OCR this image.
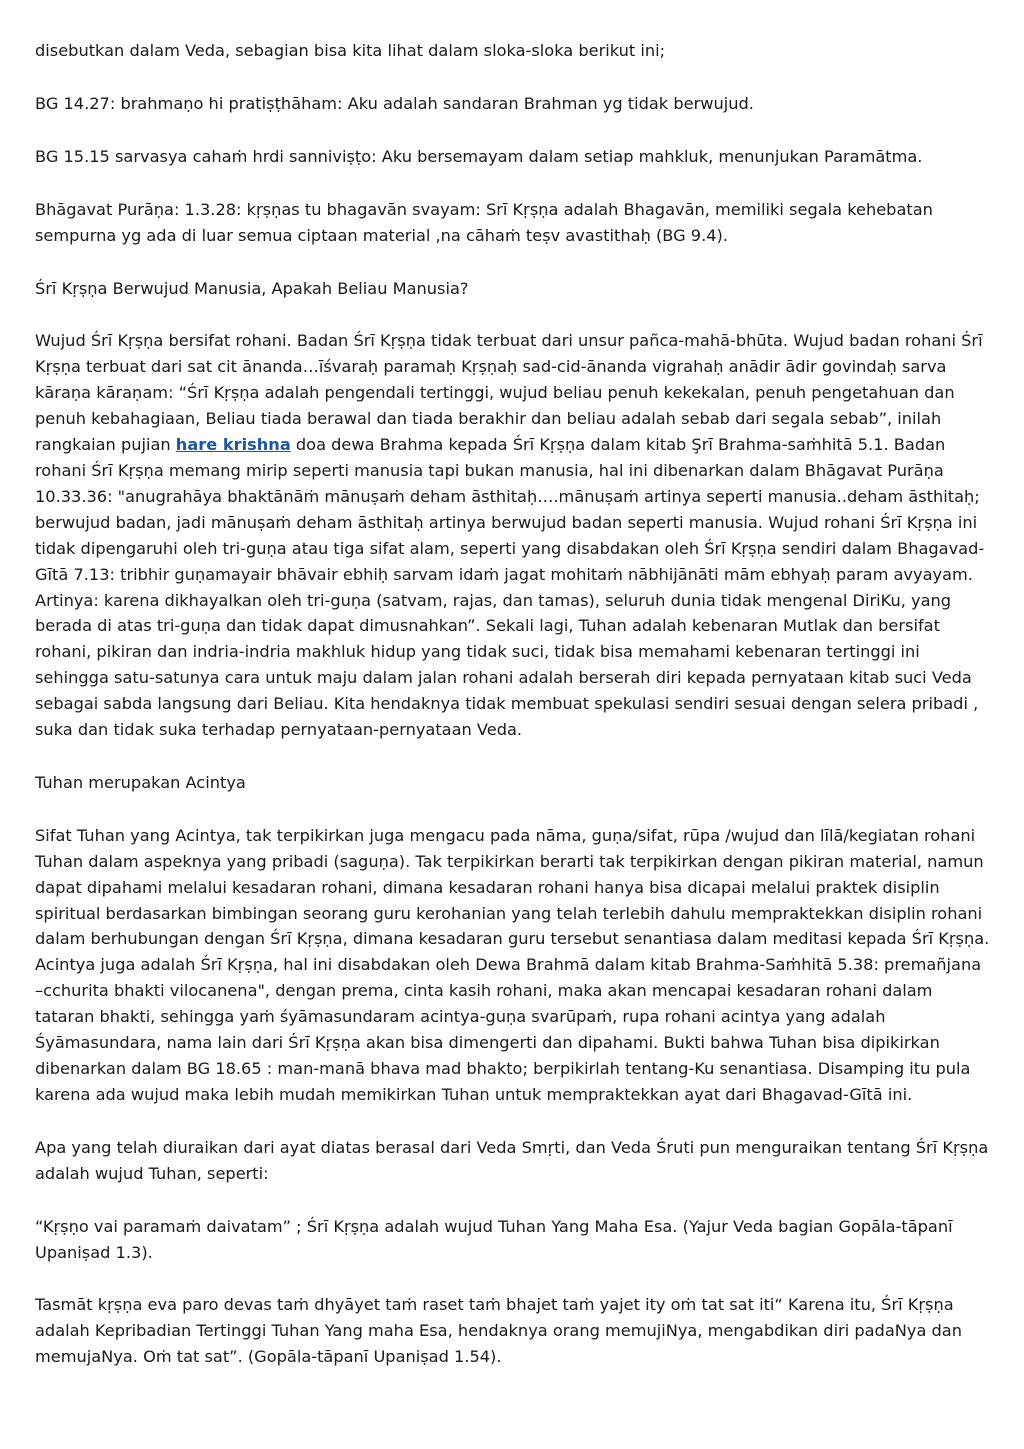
disebutkan dalam Veda, sebagian bisa kita lihat dalam sloka-sloka berikut ini;

BG 14.27: brahmaṇo hi pratiṣṭhāham: Aku adalah sandaran Brahman yg tidak berwujud.

BG 15.15 sarvasya cahaṁ hrdi sanniviṣṭo: Aku bersemayam dalam setiap mahkluk, menunjukan Paramātma.

Bhāgavat Purāṇa: 1.3.28: kṛṣṇas tu bhagavān svayam: Srī Kṛṣṇa adalah Bhagavān, memiliki segala kehebatan sempurna yg ada di luar semua ciptaan material ,na cāhaṁ teṣv avastithaḥ (BG 9.4).

Śrī Kṛṣṇa Berwujud Manusia, Apakah Beliau Manusia?

Wujud Śrī Kṛṣṇa bersifat rohani. Badan Śrī Kṛṣṇa tidak terbuat dari unsur pañca-mahā-bhūta. Wujud badan rohani Śrī Kṛṣṇa terbuat dari sat cit ānanda…īśvaraḥ paramaḥ Kṛṣṇaḥ sad-cid-ānanda vigrahaḥ anādir ādir govindaḥ sarva kāraṇa kāraṇam: “Śrī Kṛṣṇa adalah pengendali tertinggi, wujud beliau penuh kekekalan, penuh pengetahuan dan penuh kebahagiaan, Beliau tiada berawal dan tiada berakhir dan beliau adalah sebab dari segala sebab”, inilah rangkaian pujian hare krishna doa dewa Brahma kepada Śrī Kṛṣṇa dalam kitab Şrī Brahma-saṁhitā 5.1. Badan rohani Śrī Kṛṣṇa memang mirip seperti manusia tapi bukan manusia, hal ini dibenarkan dalam Bhāgavat Purāṇa 10.33.36: "anugrahāya bhaktānāṁ mānuṣaṁ deham āsthitaḥ….mānuṣaṁ artinya seperti manusia..deham āsthitaḥ; berwujud badan, jadi mānuṣaṁ deham āsthitaḥ artinya berwujud badan seperti manusia. Wujud rohani Śrī Kṛṣṇa ini tidak dipengaruhi oleh tri-guṇa atau tiga sifat alam, seperti yang disabdakan oleh Śrī Kṛṣṇa sendiri dalam Bhagavad-Gītā 7.13: tribhir guṇamayair bhāvair ebhiḥ sarvam idaṁ jagat mohitaṁ nābhijānāti mām ebhyaḥ param avyayam. Artinya: karena dikhayalkan oleh tri-guṇa (satvam, rajas, dan tamas), seluruh dunia tidak mengenal DiriKu, yang berada di atas tri-guṇa dan tidak dapat dimusnahkan”. Sekali lagi, Tuhan adalah kebenaran Mutlak dan bersifat rohani, pikiran dan indria-indria makhluk hidup yang tidak suci, tidak bisa memahami kebenaran tertinggi ini sehingga satu-satunya cara untuk maju dalam jalan rohani adalah berserah diri kepada pernyataan kitab suci Veda sebagai sabda langsung dari Beliau. Kita hendaknya tidak membuat spekulasi sendiri sesuai dengan selera pribadi , suka dan tidak suka terhadap pernyataan-pernyataan Veda.

Tuhan merupakan Acintya

Sifat Tuhan yang Acintya, tak terpikirkan juga mengacu pada nāma, guṇa/sifat, rūpa /wujud dan līlā/kegiatan rohani Tuhan dalam aspeknya yang pribadi (saguṇa). Tak terpikirkan berarti tak terpikirkan dengan pikiran material, namun dapat dipahami melalui kesadaran rohani, dimana kesadaran rohani hanya bisa dicapai melalui praktek disiplin spiritual berdasarkan bimbingan seorang guru kerohanian yang telah terlebih dahulu mempraktekkan disiplin rohani dalam berhubungan dengan Śrī Kṛṣṇa, dimana kesadaran guru tersebut senantiasa dalam meditasi kepada Śrī Kṛṣṇa. Acintya juga adalah Śrī Kṛṣṇa, hal ini disabdakan oleh Dewa Brahmā dalam kitab Brahma-Saṁhitā 5.38: premañjana –cchurita bhakti vilocanena", dengan prema, cinta kasih rohani, maka akan mencapai kesadaran rohani dalam tataran bhakti, sehingga yaṁ śyāmasundaram acintya-guṇa svarūpaṁ, rupa rohani acintya yang adalah Śyāmasundara, nama lain dari Śrī Kṛṣṇa akan bisa dimengerti dan dipahami. Bukti bahwa Tuhan bisa dipikirkan dibenarkan dalam BG 18.65 : man-manā bhava mad bhakto; berpikirlah tentang-Ku senantiasa. Disamping itu pula karena ada wujud maka lebih mudah memikirkan Tuhan untuk mempraktekkan ayat dari Bhagavad-Gītā ini.

Apa yang telah diuraikan dari ayat diatas berasal dari Veda Smṛti, dan Veda Śruti pun menguraikan tentang Śrī Kṛṣṇa adalah wujud Tuhan, seperti:

“Kṛṣṇo vai paramaṁ daivatam” ; Śrī Kṛṣṇa adalah wujud Tuhan Yang Maha Esa. (Yajur Veda bagian Gopāla-tāpanī Upaniṣad 1.3).

Tasmāt kṛṣṇa eva paro devas taṁ dhyāyet taṁ raset taṁ bhajet taṁ yajet ity oṁ tat sat iti“ Karena itu, Śrī Kṛṣṇa adalah Kepribadian Tertinggi Tuhan Yang maha Esa, hendaknya orang memujiNya, mengabdikan diri padaNya dan memujaNya. Oṁ tat sat”. (Gopāla-tāpanī Upaniṣad 1.54).
